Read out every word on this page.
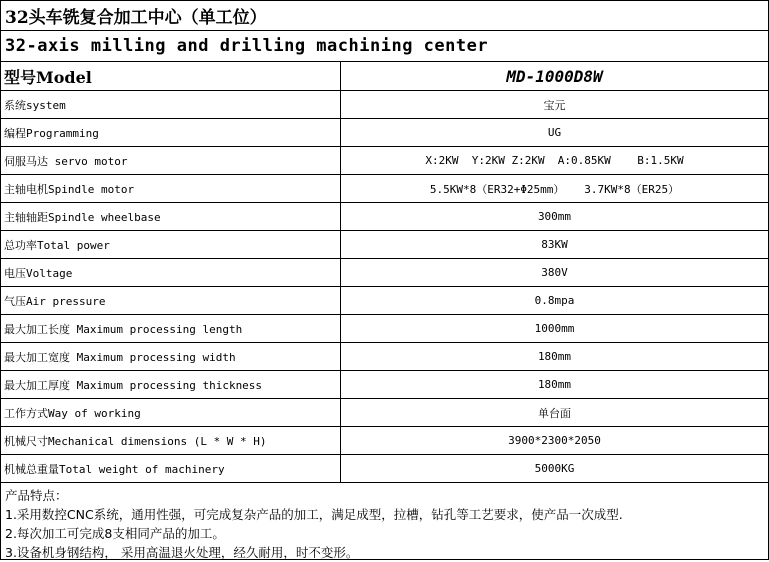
32头车铣复合加工中心（单工位）
32-axis milling and drilling machining center
型号Model	MD-1000D8W
系统system	宝元
编程Programming	UG
伺服马达 servo motor	X:2KW  Y:2KW Z:2KW  A:0.85KW    B:1.5KW
主轴电机Spindle motor	5.5KW*8（ER32+Φ25mm）   3.7KW*8（ER25）
主轴轴距Spindle wheelbase	300mm
总功率Total power	83KW
电压Voltage	380V
气压Air pressure	0.8mpa
最大加工长度 Maximum processing length	1000mm
最大加工宽度 Maximum processing width	180mm
最大加工厚度 Maximum processing thickness	180mm
工作方式Way of working	单台面
机械尺寸Mechanical dimensions (L * W * H)	3900*2300*2050
机械总重量Total weight of machinery	5000KG
产品特点：
1.采用数控CNC系统，通用性强，可完成复杂产品的加工，满足成型，拉槽，钻孔等工艺要求，使产品一次成型.
2.每次加工可完成8支相同产品的加工。
3.设备机身钢结构， 采用高温退火处理，经久耐用，时不变形。
